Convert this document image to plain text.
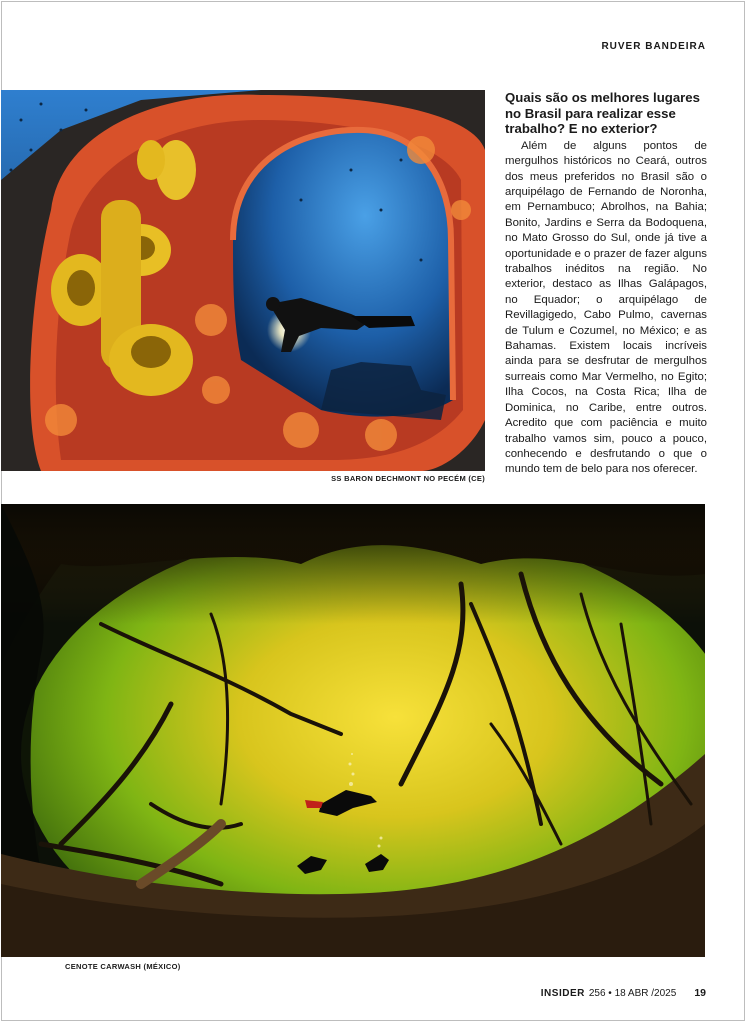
RUVER BANDEIRA
SS BARON DECHMONT NO PECÉM (CE)
Quais são os melhores lugares no Brasil para realizar esse trabalho? E no exterior?

Além de alguns pontos de mergulhos históricos no Ceará, outros dos meus preferidos no Brasil são o arquipélago de Fernando de Noronha, em Pernambuco; Abrolhos, na Bahia; Bonito, Jardins e Serra da Bodoquena, no Mato Grosso do Sul, onde já tive a oportunidade e o prazer de fazer alguns trabalhos inéditos na região. No exterior, destaco as Ilhas Galápagos, no Equador; o arquipélago de Revillagigedo, Cabo Pulmo, cavernas de Tulum e Cozumel, no México; e as Bahamas. Existem locais incríveis ainda para se desfrutar de mergulhos surreais como Mar Vermelho, no Egito; Ilha Cocos, na Costa Rica; Ilha de Dominica, no Caribe, entre outros. Acredito que com paciência e muito trabalho vamos sim, pouco a pouco, conhecendo e desfrutando o que o mundo tem de belo para nos oferecer.

CENOTE CARWASH (MÉXICO)
INSIDER 256 • 18 ABR /2025 19
